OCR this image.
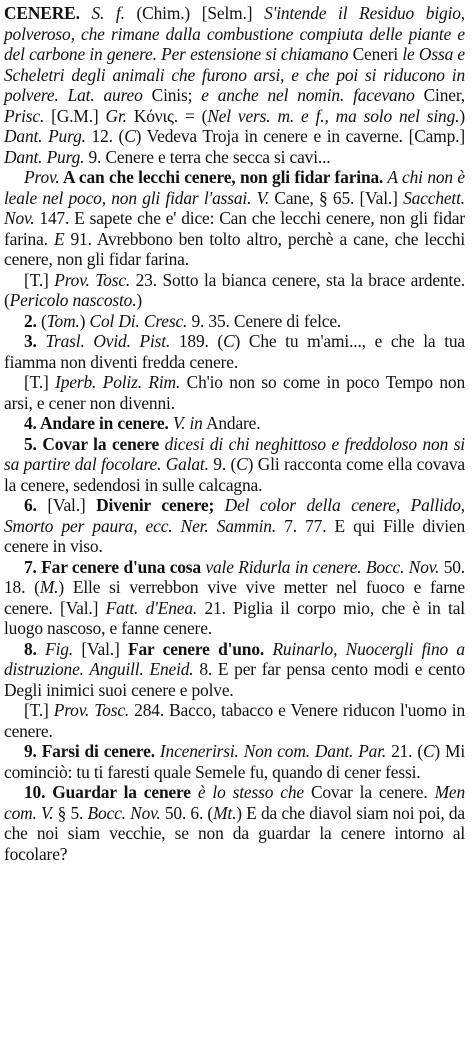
CENERE. S. f. (Chim.) [Selm.] S'intende il Residuo bigio, polveroso, che rimane dalla combustione compiuta delle piante e del carbone in genere. Per estensione si chiamano Ceneri le Ossa e Scheletri degli animali che furono arsi, e che poi si riducono in polvere. Lat. aureo Cinis; e anche nel nomin. facevano Ciner, Prisc. [G.M.] Gr. Κόνις. = (Nel vers. m. e f., ma solo nel sing.) Dant. Purg. 12. (C) Vedeva Troja in cenere e in caverne. [Camp.] Dant. Purg. 9. Cenere e terra che secca si cavi...

Prov. A can che lecchi cenere, non gli fidar farina. A chi non è leale nel poco, non gli fidar l'assai. V. Cane, § 65. [Val.] Sacchett. Nov. 147. E sapete che e' dice: Can che lecchi cenere, non gli fidar farina. E 91. Avrebbono ben tolto altro, perchè a cane, che lecchi cenere, non gli fidar farina.

[T.] Prov. Tosc. 23. Sotto la bianca cenere, sta la brace ardente. (Pericolo nascosto.)

2. (Tom.) Col Di. Cresc. 9. 35. Cenere di felce.

3. Trasl. Ovid. Pist. 189. (C) Che tu m'ami..., e che la tua fiamma non diventi fredda cenere.

[T.] Iperb. Poliz. Rim. Ch'io non so come in poco Tempo non arsi, e cener non divenni.

4. Andare in cenere. V. in Andare.

5. Covar la cenere dicesi di chi neghittoso e freddoloso non si sa partire dal focolare. Galat. 9. (C) Gli racconta come ella covava la cenere, sedendosi in sulle calcagna.

6. [Val.] Divenir cenere; Del color della cenere, Pallido, Smorto per paura, ecc. Ner. Sammin. 7. 77. E qui Fille divien cenere in viso.

7. Far cenere d'una cosa vale Ridurla in cenere. Bocc. Nov. 50. 18. (M.) Elle si verrebbon vive vive metter nel fuoco e farne cenere. [Val.] Fatt. d'Enea. 21. Piglia il corpo mio, che è in tal luogo nascoso, e fanne cenere.

8. Fig. [Val.] Far cenere d'uno. Ruinarlo, Nuocergli fino a distruzione. Anguill. Eneid. 8. E per far pensa cento modi e cento Degli inimici suoi cenere e polve.

[T.] Prov. Tosc. 284. Bacco, tabacco e Venere riducon l'uomo in cenere.

9. Farsi di cenere. Incenerirsi. Non com. Dant. Par. 21. (C) Mi cominciò: tu ti faresti quale Semele fu, quando di cener fessi.

10. Guardar la cenere è lo stesso che Covar la cenere. Men com. V. § 5. Bocc. Nov. 50. 6. (Mt.) E da che diavol siam noi poi, da che noi siam vecchie, se non da guardar la cenere intorno al focolare?
